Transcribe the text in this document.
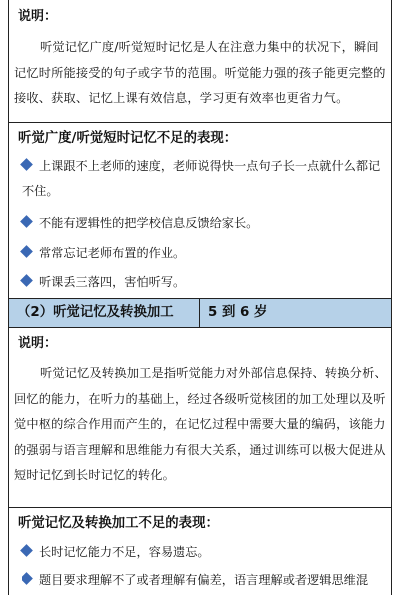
说明：
听觉记忆广度/听觉短时记忆是人在注意力集中的状况下，瞬间记忆时所能接受的句子或字节的范围。听觉能力强的孩子能更完整的接收、获取、记忆上课有效信息，学习更有效率也更省力气。
听觉广度/听觉短时记忆不足的表现：
上课跟不上老师的速度，老师说得快一点句子长一点就什么都记不住。
不能有逻辑性的把学校信息反馈给家长。
常常忘记老师布置的作业。
听课丢三落四，害怕听写。
（2）听觉记忆及转换加工	5 到 6 岁
说明：
听觉记忆及转换加工是指听觉能力对外部信息保持、转换分析、回忆的能力，在听力的基础上，经过各级听觉核团的加工处理以及听觉中枢的综合作用而产生的，在记忆过程中需要大量的编码，该能力的强弱与语言理解和思维能力有很大关系，通过训练可以极大促进从短时记忆到长时记忆的转化。
听觉记忆及转换加工不足的表现：
长时记忆能力不足，容易遗忘。
题目要求理解不了或者理解有偏差，语言理解或者逻辑思维混
